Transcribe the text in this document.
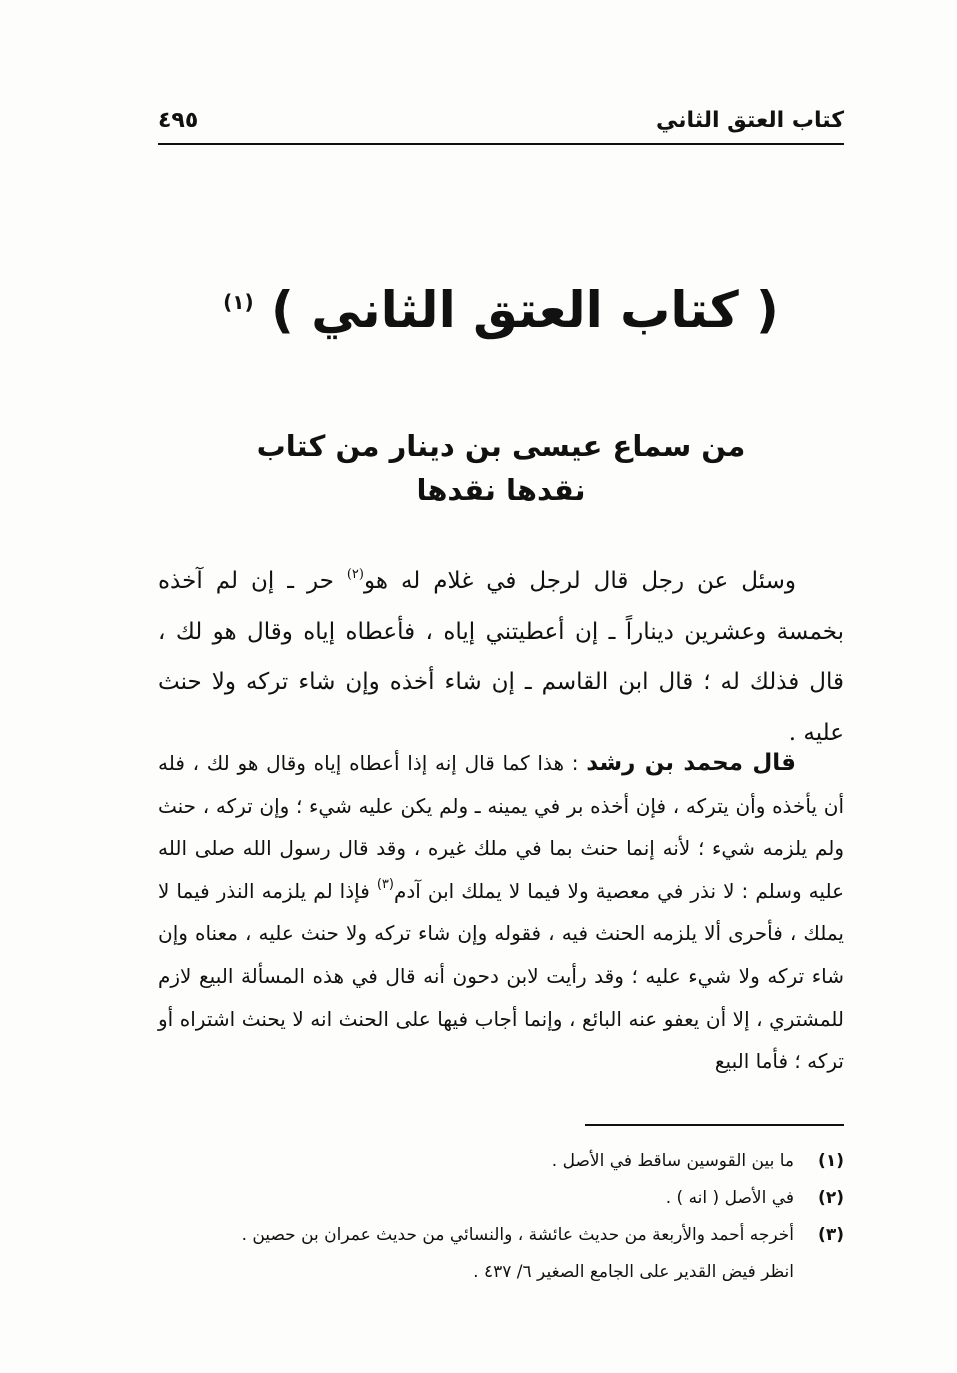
كتاب العتق الثاني
٤٩٥
( كتاب العتق الثاني ) $^{(١)}$
من سماع عيسى بن دينار من كتاب
نقدها نقدها
وسئل عن رجل قال لرجل في غلام له هو$^{(٢)}$ حر ـ إن لم آخذه بخمسة وعشرين ديناراً ـ إن أعطيتني إياه ، فأعطاه إياه وقال هو لك ، قال فذلك له ؛ قال ابن القاسم ـ إن شاء أخذه وإن شاء تركه ولا حنث عليه .
قال محمد بن رشد : هذا كما قال إنه إذا أعطاه إياه وقال هو لك ، فله أن يأخذه وأن يتركه ، فإن أخذه بر في يمينه ـ ولم يكن عليه شيء ؛ وإن تركه ، حنث ولم يلزمه شيء ؛ لأنه إنما حنث بما في ملك غيره ، وقد قال رسول الله صلى الله عليه وسلم : لا نذر في معصية ولا فيما لا يملك ابن آدم$^{(٣)}$ فإذا لم يلزمه النذر فيما لا يملك ، فأحرى ألا يلزمه الحنث فيه ، فقوله وإن شاء تركه ولا حنث عليه ، معناه وإن شاء تركه ولا شيء عليه ؛ وقد رأيت لابن دحون أنه قال في هذه المسألة البيع لازم للمشتري ، إلا أن يعفو عنه البائع ، وإنما أجاب فيها على الحنث انه لا يحنث اشتراه أو تركه ؛ فأما البيع
(١)
ما بين القوسين ساقط في الأصل .
(٢)
في الأصل ( انه ) .
(٣)
أخرجه أحمد والأربعة من حديث عائشة ، والنسائي من حديث عمران بن حصين .
انظر فيض القدير على الجامع الصغير ٦/ ٤٣٧ .
